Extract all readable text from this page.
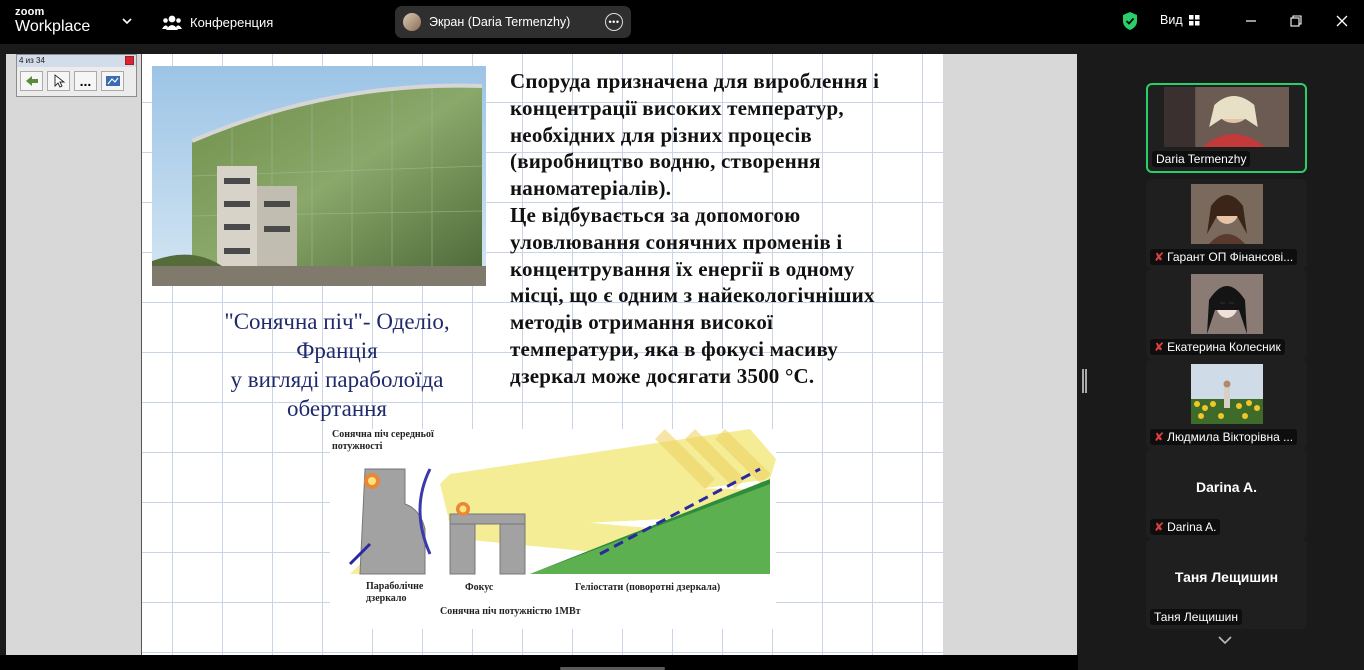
zoom
Workplace	Конференция	Экран (Daria Termenzhy)	•••	Вид
4 из 34
...
"Сонячна піч"- Оделіо,
Франція
у вигляді параболоїда
обертання
Споруда призначена для вироблення і
концентрації високих температур,
необхідних для різних процесів
(виробництво водню, створення
наноматеріалів).
Це відбувається за допомогою
уловлювання сонячних променів і
концентрування їх енергії в одному
місці, що є одним з найекологічніших
методів отримання високої
температури, яка в фокусі масиву
дзеркал може досягати 3500 °С.
Сонячна піч середньої
потужності
Параболічне
дзеркало
Фокус	Геліостати (поворотні дзеркала)
Сонячна піч потужністю 1МВт
Daria Termenzhy
✘ Гарант ОП Фінансові...
✘ Екатерина Колесник
✘ Людмила Вікторівна ...
Darina A.
✘ Darina A.
Таня Лещишин
Таня Лещишин
